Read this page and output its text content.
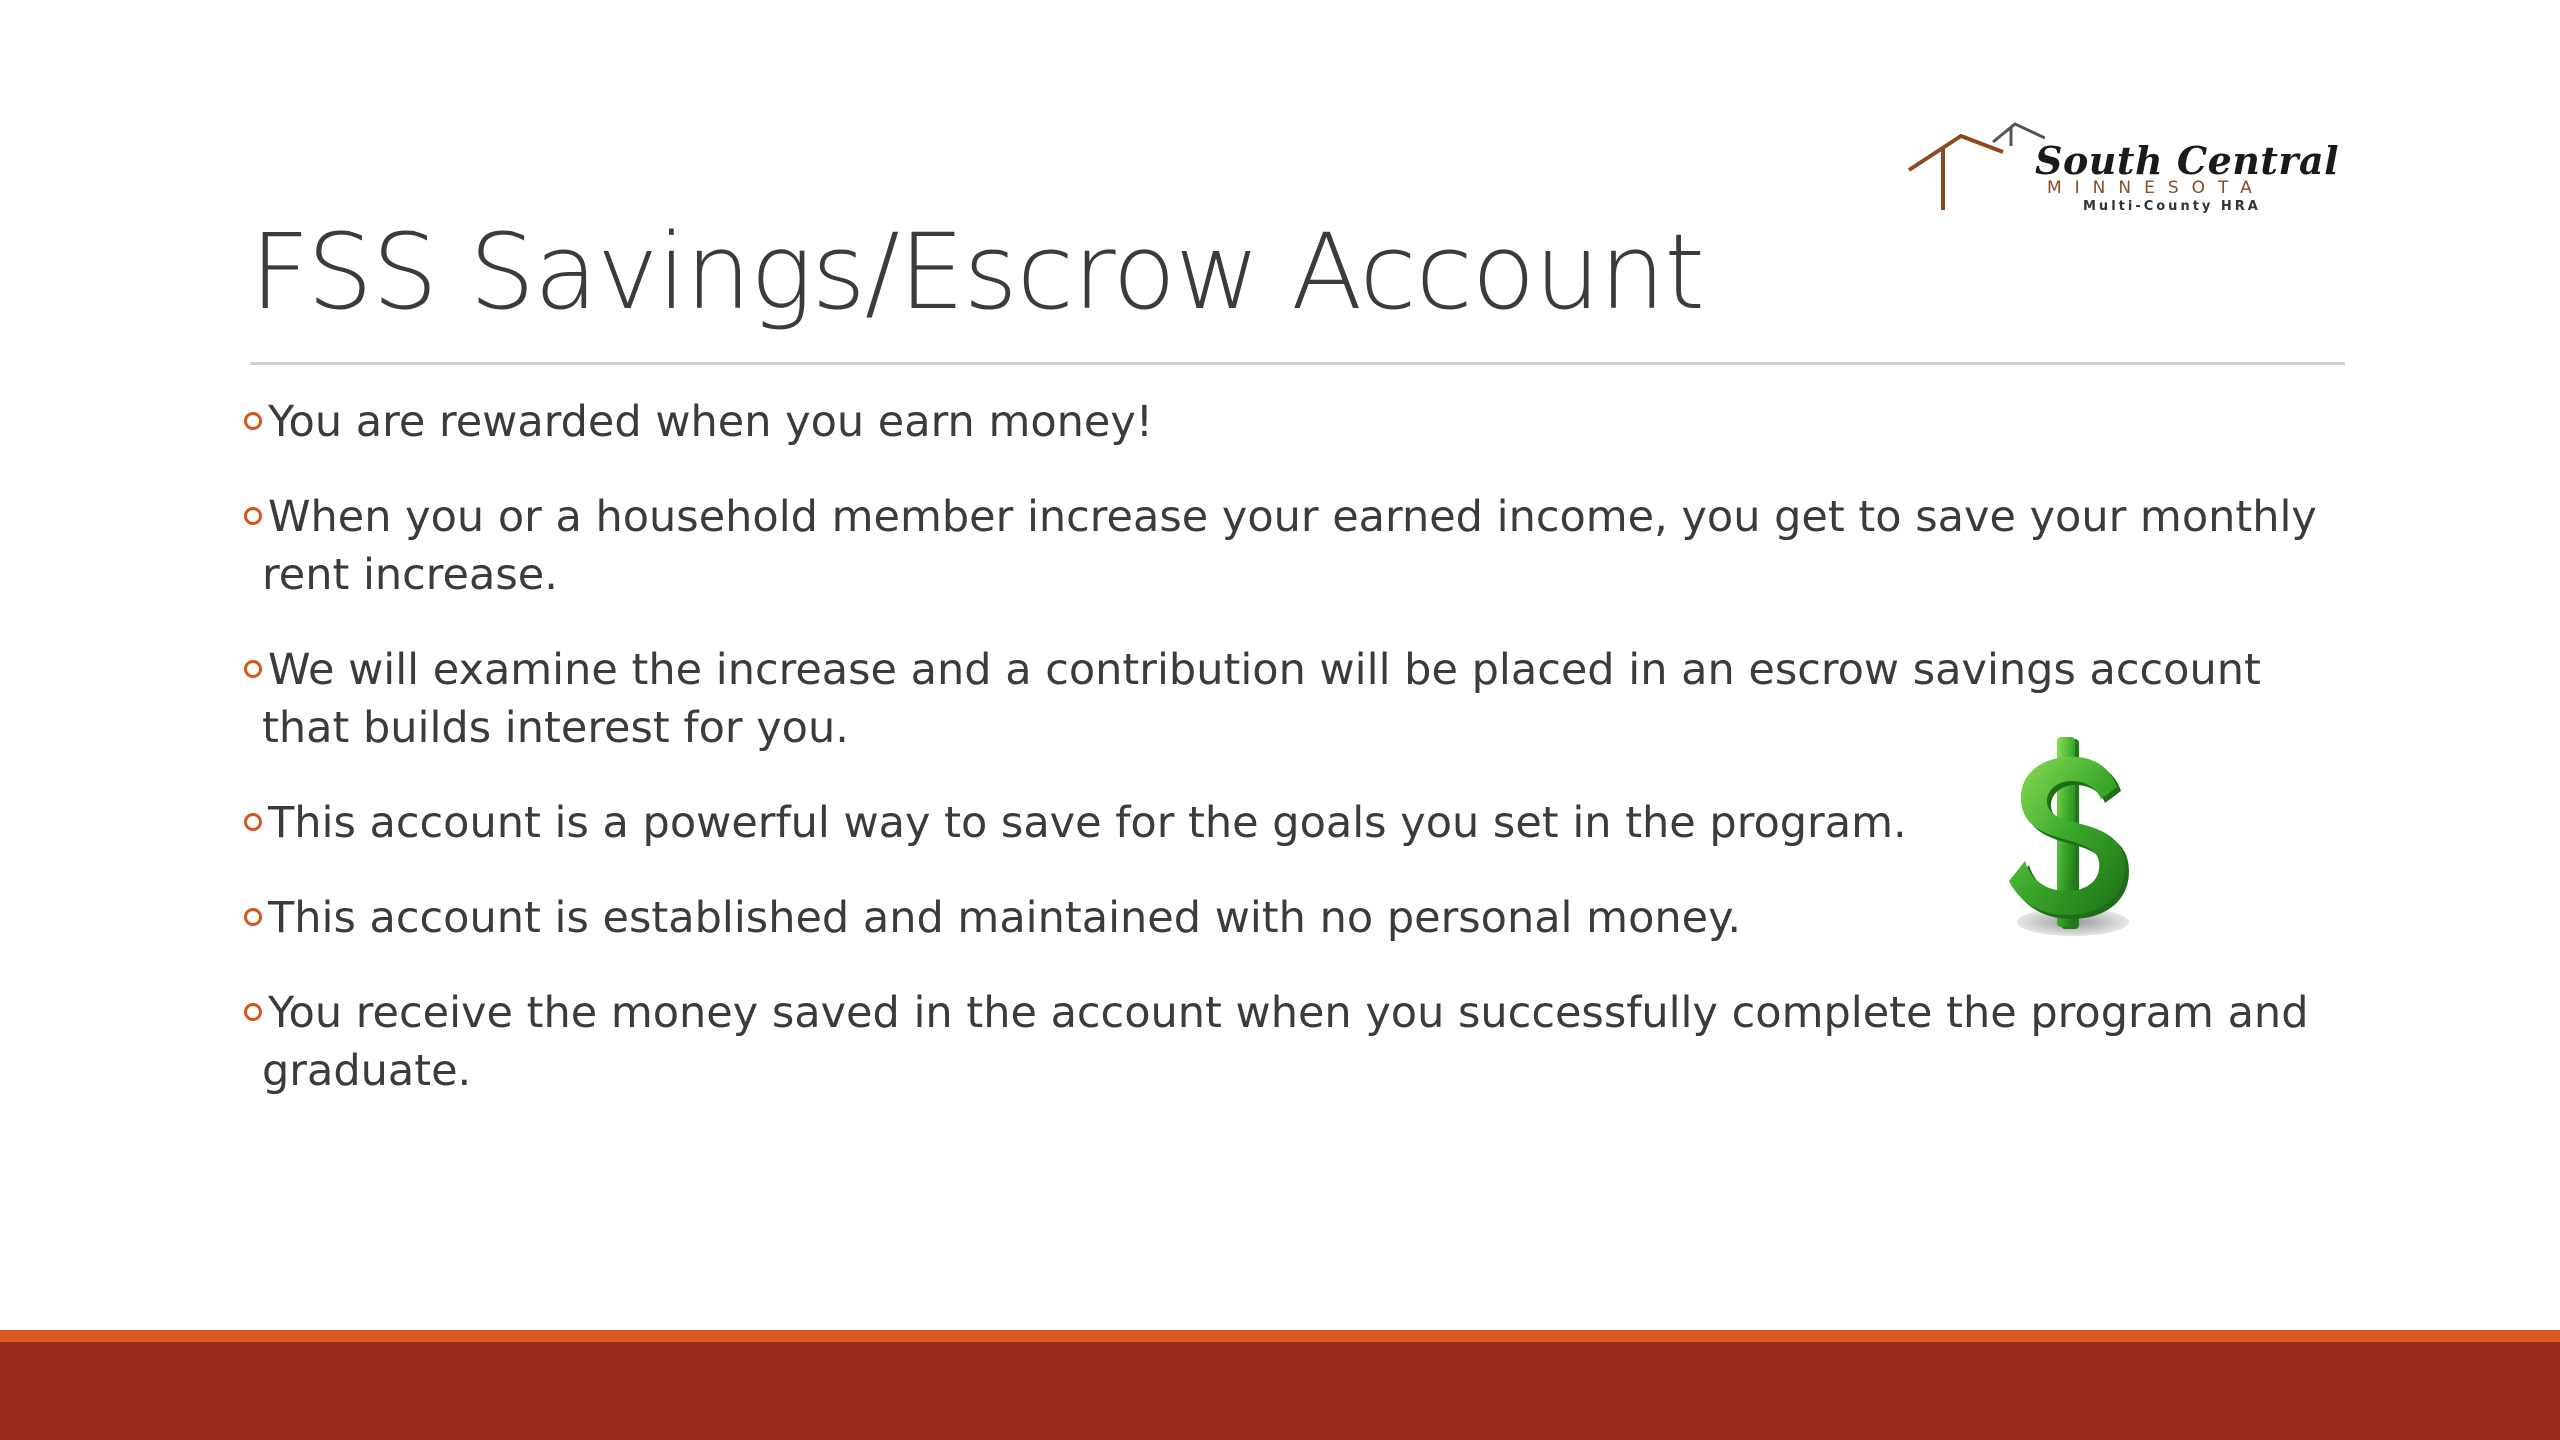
South Central
MINNESOTA
Multi-County HRA
FSS Savings/Escrow Account
You are rewarded when you earn money!
When you or a household member increase your earned income, you get to save your monthly rent increase.
We will examine the increase and a contribution will be placed in an escrow savings account that builds interest for you.
This account is a powerful way to save for the goals you set in the program.
This account is established and maintained with no personal money.
You receive the money saved in the account when you successfully complete the program and graduate.
